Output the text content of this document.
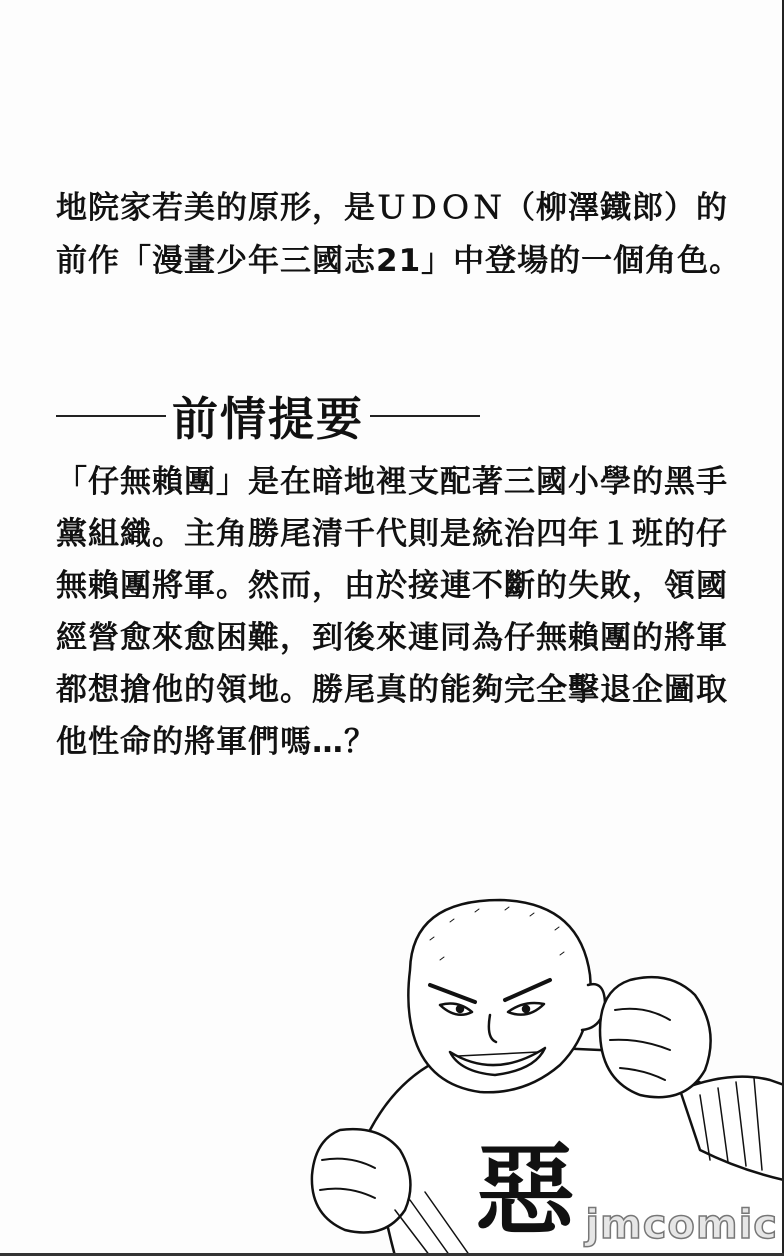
地院家若美的原形，是ＵＤＯＮ（柳澤鐵郎）的
前作「漫畫少年三國志21」中登場的一個角色。
前情提要
「仔無賴團」是在暗地裡支配著三國小學的黑手
黨組織。主角勝尾清千代則是統治四年１班的仔
無賴團將軍。然而，由於接連不斷的失敗，領國
經營愈來愈困難，到後來連同為仔無賴團的將軍
都想搶他的領地。勝尾真的能夠完全擊退企圖取
他性命的將軍們嗎…？
惡 jmcomic
